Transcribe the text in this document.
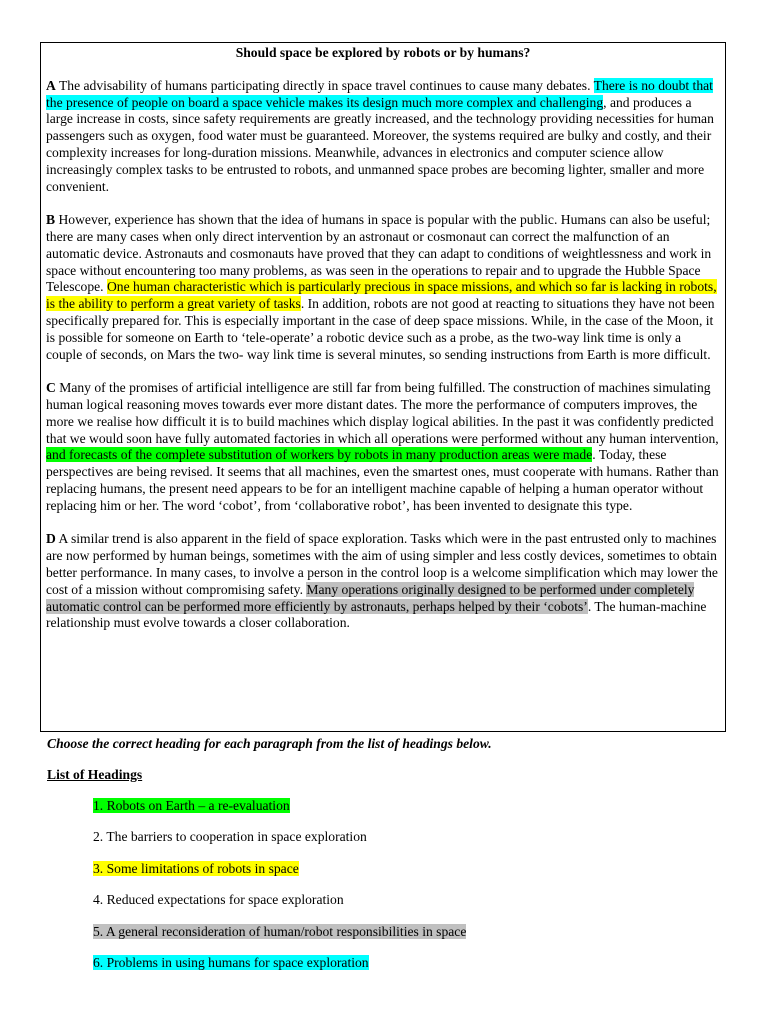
Should space be explored by robots or by humans?

A The advisability of humans participating directly in space travel continues to cause many debates. There is no doubt that the presence of people on board a space vehicle makes its design much more complex and challenging, and produces a large increase in costs, since safety requirements are greatly increased, and the technology providing necessities for human passengers such as oxygen, food water must be guaranteed. Moreover, the systems required are bulky and costly, and their complexity increases for long-duration missions. Meanwhile, advances in electronics and computer science allow increasingly complex tasks to be entrusted to robots, and unmanned space probes are becoming lighter, smaller and more convenient.

B However, experience has shown that the idea of humans in space is popular with the public. Humans can also be useful; there are many cases when only direct intervention by an astronaut or cosmonaut can correct the malfunction of an automatic device. Astronauts and cosmonauts have proved that they can adapt to conditions of weightlessness and work in space without encountering too many problems, as was seen in the operations to repair and to upgrade the Hubble Space Telescope. One human characteristic which is particularly precious in space missions, and which so far is lacking in robots, is the ability to perform a great variety of tasks. In addition, robots are not good at reacting to situations they have not been specifically prepared for. This is especially important in the case of deep space missions. While, in the case of the Moon, it is possible for someone on Earth to ‘tele-operate’ a robotic device such as a probe, as the two-way link time is only a couple of seconds, on Mars the two- way link time is several minutes, so sending instructions from Earth is more difficult.

C Many of the promises of artificial intelligence are still far from being fulfilled. The construction of machines simulating human logical reasoning moves towards ever more distant dates. The more the performance of computers improves, the more we realise how difficult it is to build machines which display logical abilities. In the past it was confidently predicted that we would soon have fully automated factories in which all operations were performed without any human intervention, and forecasts of the complete substitution of workers by robots in many production areas were made. Today, these perspectives are being revised. It seems that all machines, even the smartest ones, must cooperate with humans. Rather than replacing humans, the present need appears to be for an intelligent machine capable of helping a human operator without replacing him or her. The word ‘cobot’, from ‘collaborative robot’, has been invented to designate this type.

D A similar trend is also apparent in the field of space exploration. Tasks which were in the past entrusted only to machines are now performed by human beings, sometimes with the aim of using simpler and less costly devices, sometimes to obtain better performance. In many cases, to involve a person in the control loop is a welcome simplification which may lower the cost of a mission without compromising safety. Many operations originally designed to be performed under completely automatic control can be performed more efficiently by astronauts, perhaps helped by their ‘cobots’. The human-machine relationship must evolve towards a closer collaboration.

Choose the correct heading for each paragraph from the list of headings below.

List of Headings

1. Robots on Earth – a re-evaluation
2. The barriers to cooperation in space exploration
3. Some limitations of robots in space
4. Reduced expectations for space exploration
5. A general reconsideration of human/robot responsibilities in space
6. Problems in using humans for space exploration
